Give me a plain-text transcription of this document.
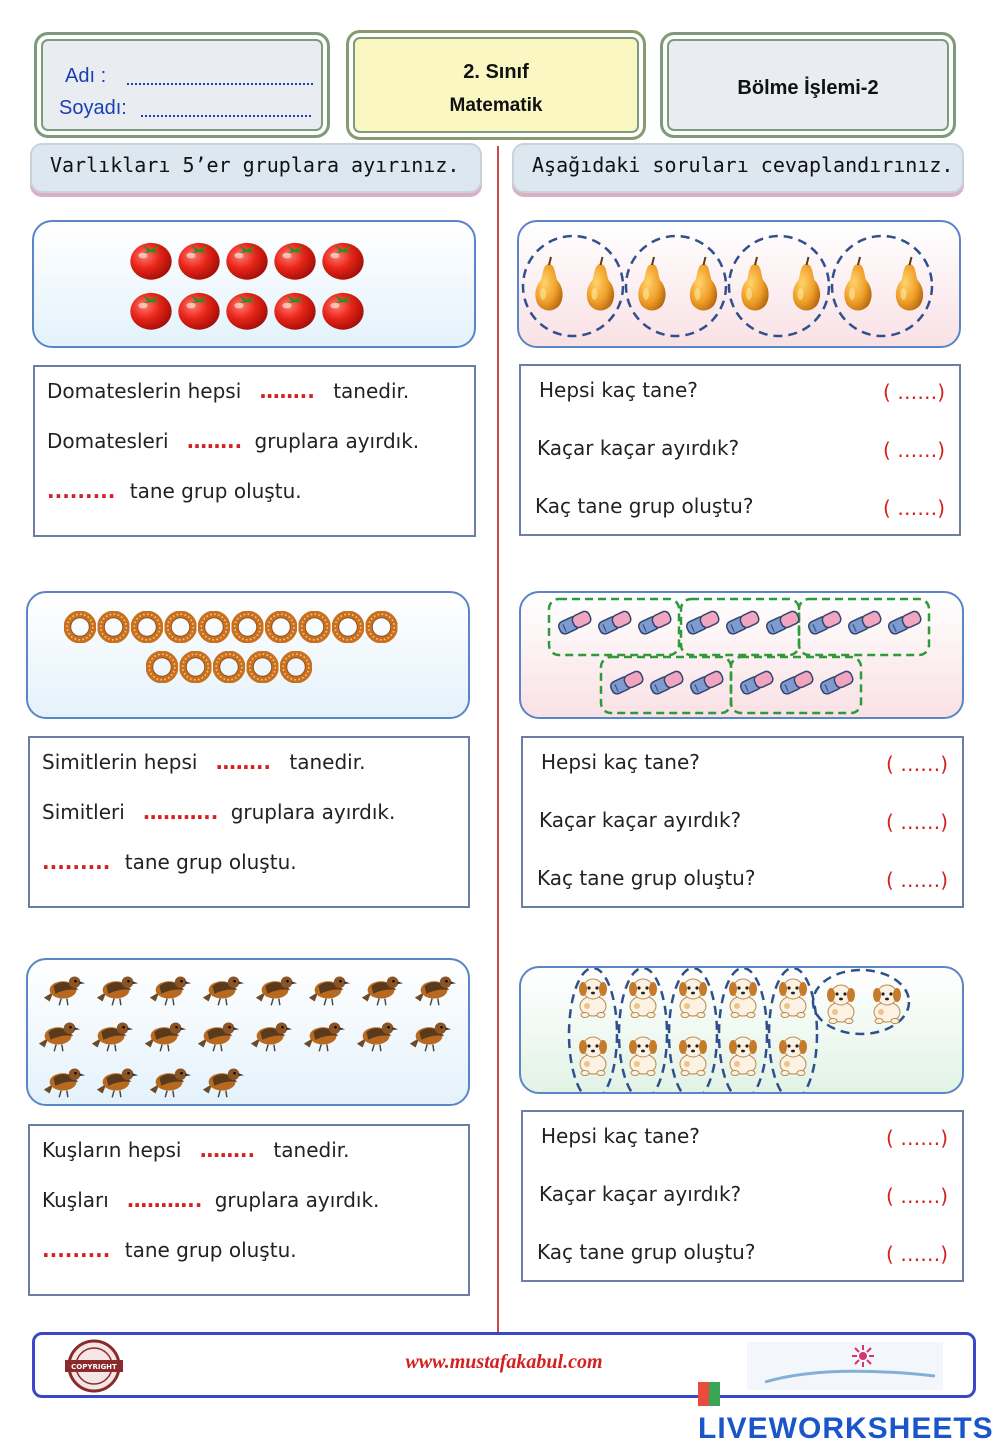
Adı :
Soyadı:
2. Sınıf
Matematik
Bölme İşlemi-2
Varlıkları 5’er gruplara ayırınız.	Aşağıdaki soruları cevaplandırınız.
Domateslerin hepsi …….. tanedir.
Domatesleri …….. gruplara ayırdık.
......... tane grup oluştu.
Simitlerin hepsi …….. tanedir.
Simitleri ……….. gruplara ayırdık.
......... tane grup oluştu.
Kuşların hepsi …….. tanedir.
Kuşları ……….. gruplara ayırdık.
......... tane grup oluştu.
Hepsi kaç tane?	( ……)
Kaçar kaçar ayırdık?	( ……)
Kaç tane grup oluştu?	( ……)
Hepsi kaç tane?	( ……)
Kaçar kaçar ayırdık?	( ……)
Kaç tane grup oluştu?	( ……)
Hepsi kaç tane?	( ……)
Kaçar kaçar ayırdık?	( ……)
Kaç tane grup oluştu?	( ……)
COPYRIGHT	www.mustafakabul.com
LIVEWORKSHEETS
